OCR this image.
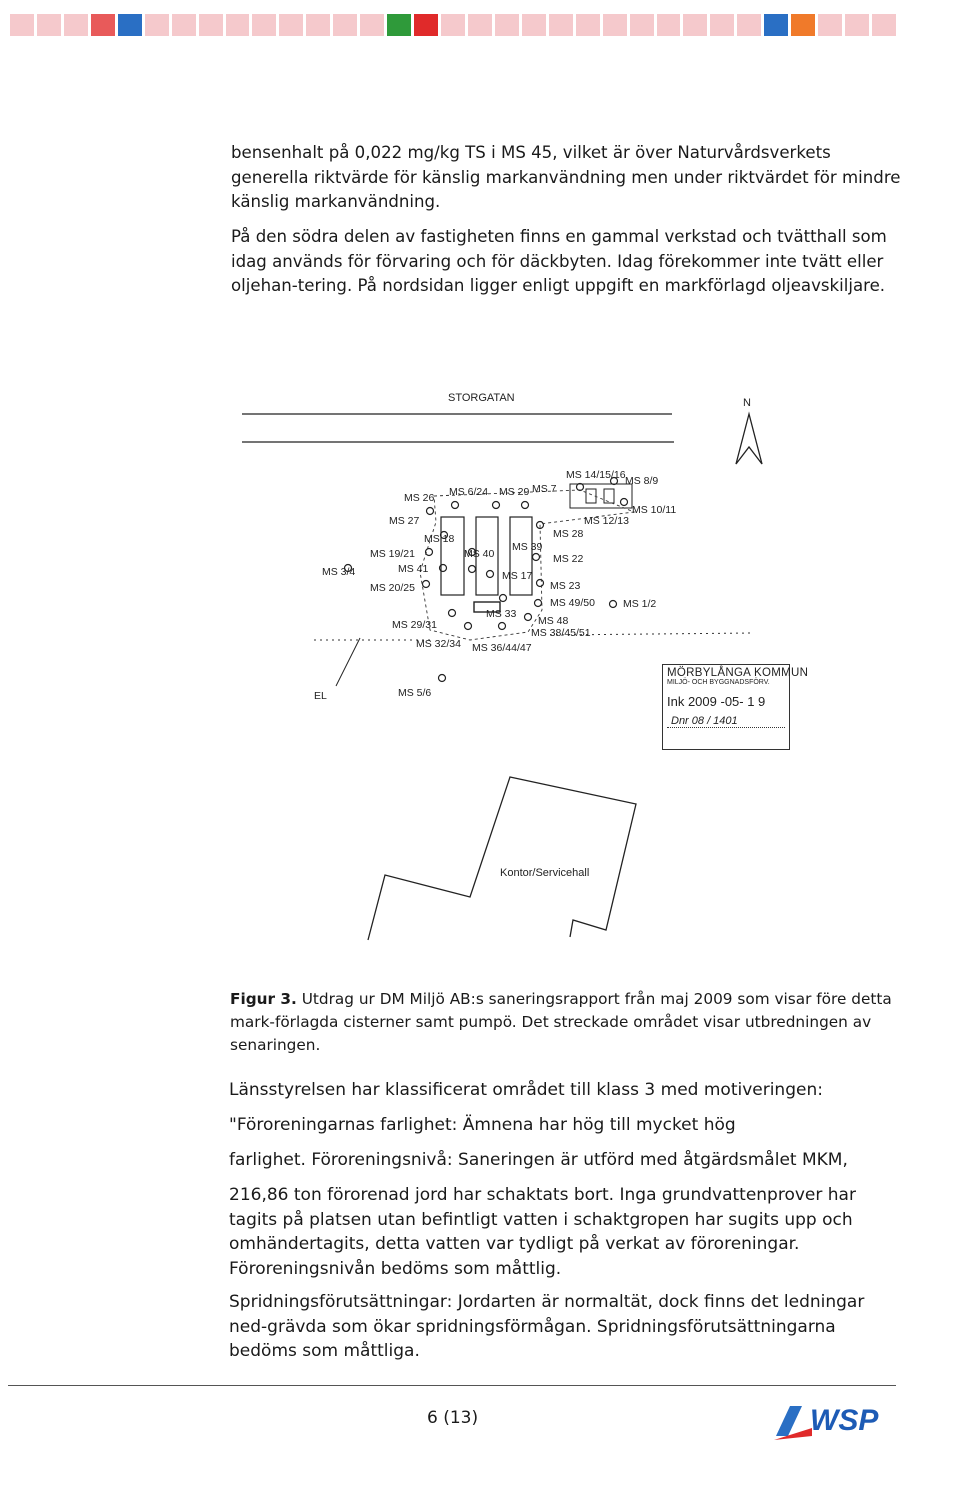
bensenhalt på 0,022 mg/kg TS i MS 45, vilket är över Naturvårdsverkets generella riktvärde för känslig markanvändning men under riktvärdet för mindre känslig markanvändning.

På den södra delen av fastigheten finns en gammal verkstad och tvätthall som idag används för förvaring och för däckbyten. Idag förekommer inte tvätt eller oljehan-tering. På nordsidan ligger enligt uppgift en markförlagd oljeavskiljare.

STORGATAN	N
EL
MS 26 MS 6/24 MS 29 MS 7
MS 14/15/16 MS 8/9
MS 10/11
MS 12/13
MS 27
MS 28
MS 18
MS 39
MS 19/21	MS 40	MS 22
MS 3/4	MS 41
MS 17
MS 20/25	MS 23
MS 49/50	MS 1/2
MS 33
MS 29/31	MS 48
MS 38/45/51
MS 32/34 MS 36/44/47
MS 5/6
Kontor/Servicehall
MÖRBYLÅNGA KOMMUN
MILJÖ- OCH BYGGNADSFÖRV.
Ink 2009 -05- 1 9
Dnr 08 / 1401

Figur 3. Utdrag ur DM Miljö AB:s saneringsrapport från maj 2009 som visar före detta mark-förlagda cisterner samt pumpö. Det streckade området visar utbredningen av senaringen.

Länsstyrelsen har klassificerat området till klass 3 med motiveringen:

"Föroreningarnas farlighet: Ämnena har hög till mycket hög

farlighet. Föroreningsnivå: Saneringen är utförd med åtgärdsmålet MKM,

216,86 ton förorenad jord har schaktats bort. Inga grundvattenprover har tagits på platsen utan befintligt vatten i schaktgropen har sugits upp och omhändertagits, detta vatten var tydligt på verkat av föroreningar. Föroreningsnivån bedöms som måttlig.

Spridningsförutsättningar: Jordarten är normaltät, dock finns det ledningar ned-grävda som ökar spridningsförmågan. Spridningsförutsättningarna bedöms som måttliga.

6 (13)	WSP
